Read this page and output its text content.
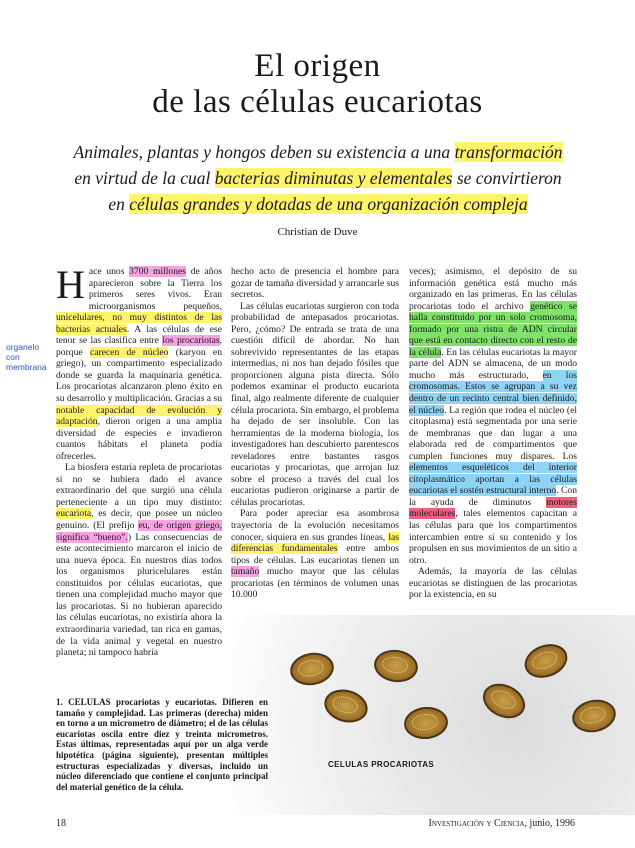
El origen
de las células eucariotas
Animales, plantas y hongos deben su existencia a una transformación
en virtud de la cual bacterias diminutas y elementales se convirtieron
en células grandes y dotadas de una organización compleja
Christian de Duve
organelo con membrana

Hace unos 3700 millones de años aparecieron sobre la Tierra los primeros seres vivos. Eran microorganismos pequeños, unicelulares, no muy distintos de las bacterias actuales. A las células de ese tenor se las clasifica entre los procariotas, porque carecen de núcleo (karyon en griego), un compartimento especializado donde se guarda la maquinaria genética. Los procariotas alcanzaron pleno éxito en su desarrollo y multiplicación. Gracias a su notable capacidad de evolución y adaptación, dieron origen a una amplia diversidad de especies e invadieron cuantos hábitats el planeta podía ofrecerles.

La biosfera estaría repleta de procariotas si no se hubiera dado el avance extraordinario del que surgió una célula perteneciente a un tipo muy distinto: eucariota, es decir, que posee un núcleo genuino. (El prefijo eu, de origen griego, significa “bueno”.) Las consecuencias de este acontecimiento marcaron el inicio de una nueva época. En nuestros días todos los organismos pluricelulares están constituidos por células eucariotas, que tienen una complejidad mucho mayor que las procariotas. Si no hubieran aparecido las células eucariotas, no existiría ahora la extraordinaria variedad, tan rica en gamas, de la vida animal y vegetal en nuestro planeta; ni tampoco habría

hecho acto de presencia el hombre para gozar de tamaña diversidad y arrancarle sus secretos.

Las células eucariotas surgieron con toda probabilidad de antepasados procariotas. Pero, ¿cómo? De entrada se trata de una cuestión difícil de abordar. No han sobrevivido representantes de las etapas intermedias, ni nos han dejado fósiles que proporcionen alguna pista directa. Sólo podemos examinar el producto eucariota final, algo realmente diferente de cualquier célula procariota. Sin embargo, el problema ha dejado de ser insoluble. Con las herramientas de la moderna biología, los investigadores han descubierto parentescos reveladores entre bastantes rasgos eucariotas y procariotas, que arrojan luz sobre el proceso a través del cual los eucariotas pudieron originarse a partir de células procariotas.

Para poder apreciar esa asombrosa trayectoria de la evolución necesitamos conocer, siquiera en sus grandes líneas, las diferencias fundamentales entre ambos tipos de células. Las eucariotas tienen un tamaño mucho mayor que las células procariotas (en términos de volumen unas 10.000

veces); asimismo, el depósito de su información genética está mucho más organizado en las primeras. En las células procariotas todo el archivo genético se halla constituido por un solo cromosoma, formado por una ristra de ADN circular que está en contacto directo con el resto de la célula. En las células eucariotas la mayor parte del ADN se almacena, de un modo mucho más estructurado, en los cromosomas. Estos se agrupan a su vez dentro de un recinto central bien definido, el núcleo. La región que rodea el núcleo (el citoplasma) está segmentada por una serie de membranas que dan lugar a una elaborada red de compartimentos que cumplen funciones muy dispares. Los elementos esqueléticos del interior citoplasmático aportan a las células eucariotas el sostén estructural interno. Con la ayuda de diminutos motores moleculares, tales elementos capacitan a las células para que los compartimentos intercambien entre sí su contenido y los propulsen en sus movimientos de un sitio a otro.

Además, la mayoría de las células eucariotas se distinguen de las procariotas por la existencia, en su

CELULAS PROCARIOTAS
1. CELULAS procariotas y eucariotas. Difieren en tamaño y complejidad. Las primeras (derecha) miden en torno a un micrometro de diámetro; el de las células eucariotas oscila entre diez y treinta micrometros. Estas últimas, representadas aquí por un alga verde hipotética (página siguiente), presentan múltiples estructuras especializadas y diversas, incluido un núcleo diferenciado que contiene el conjunto principal del material genético de la célula.
18	Investigación y Ciencia, junio, 1996
